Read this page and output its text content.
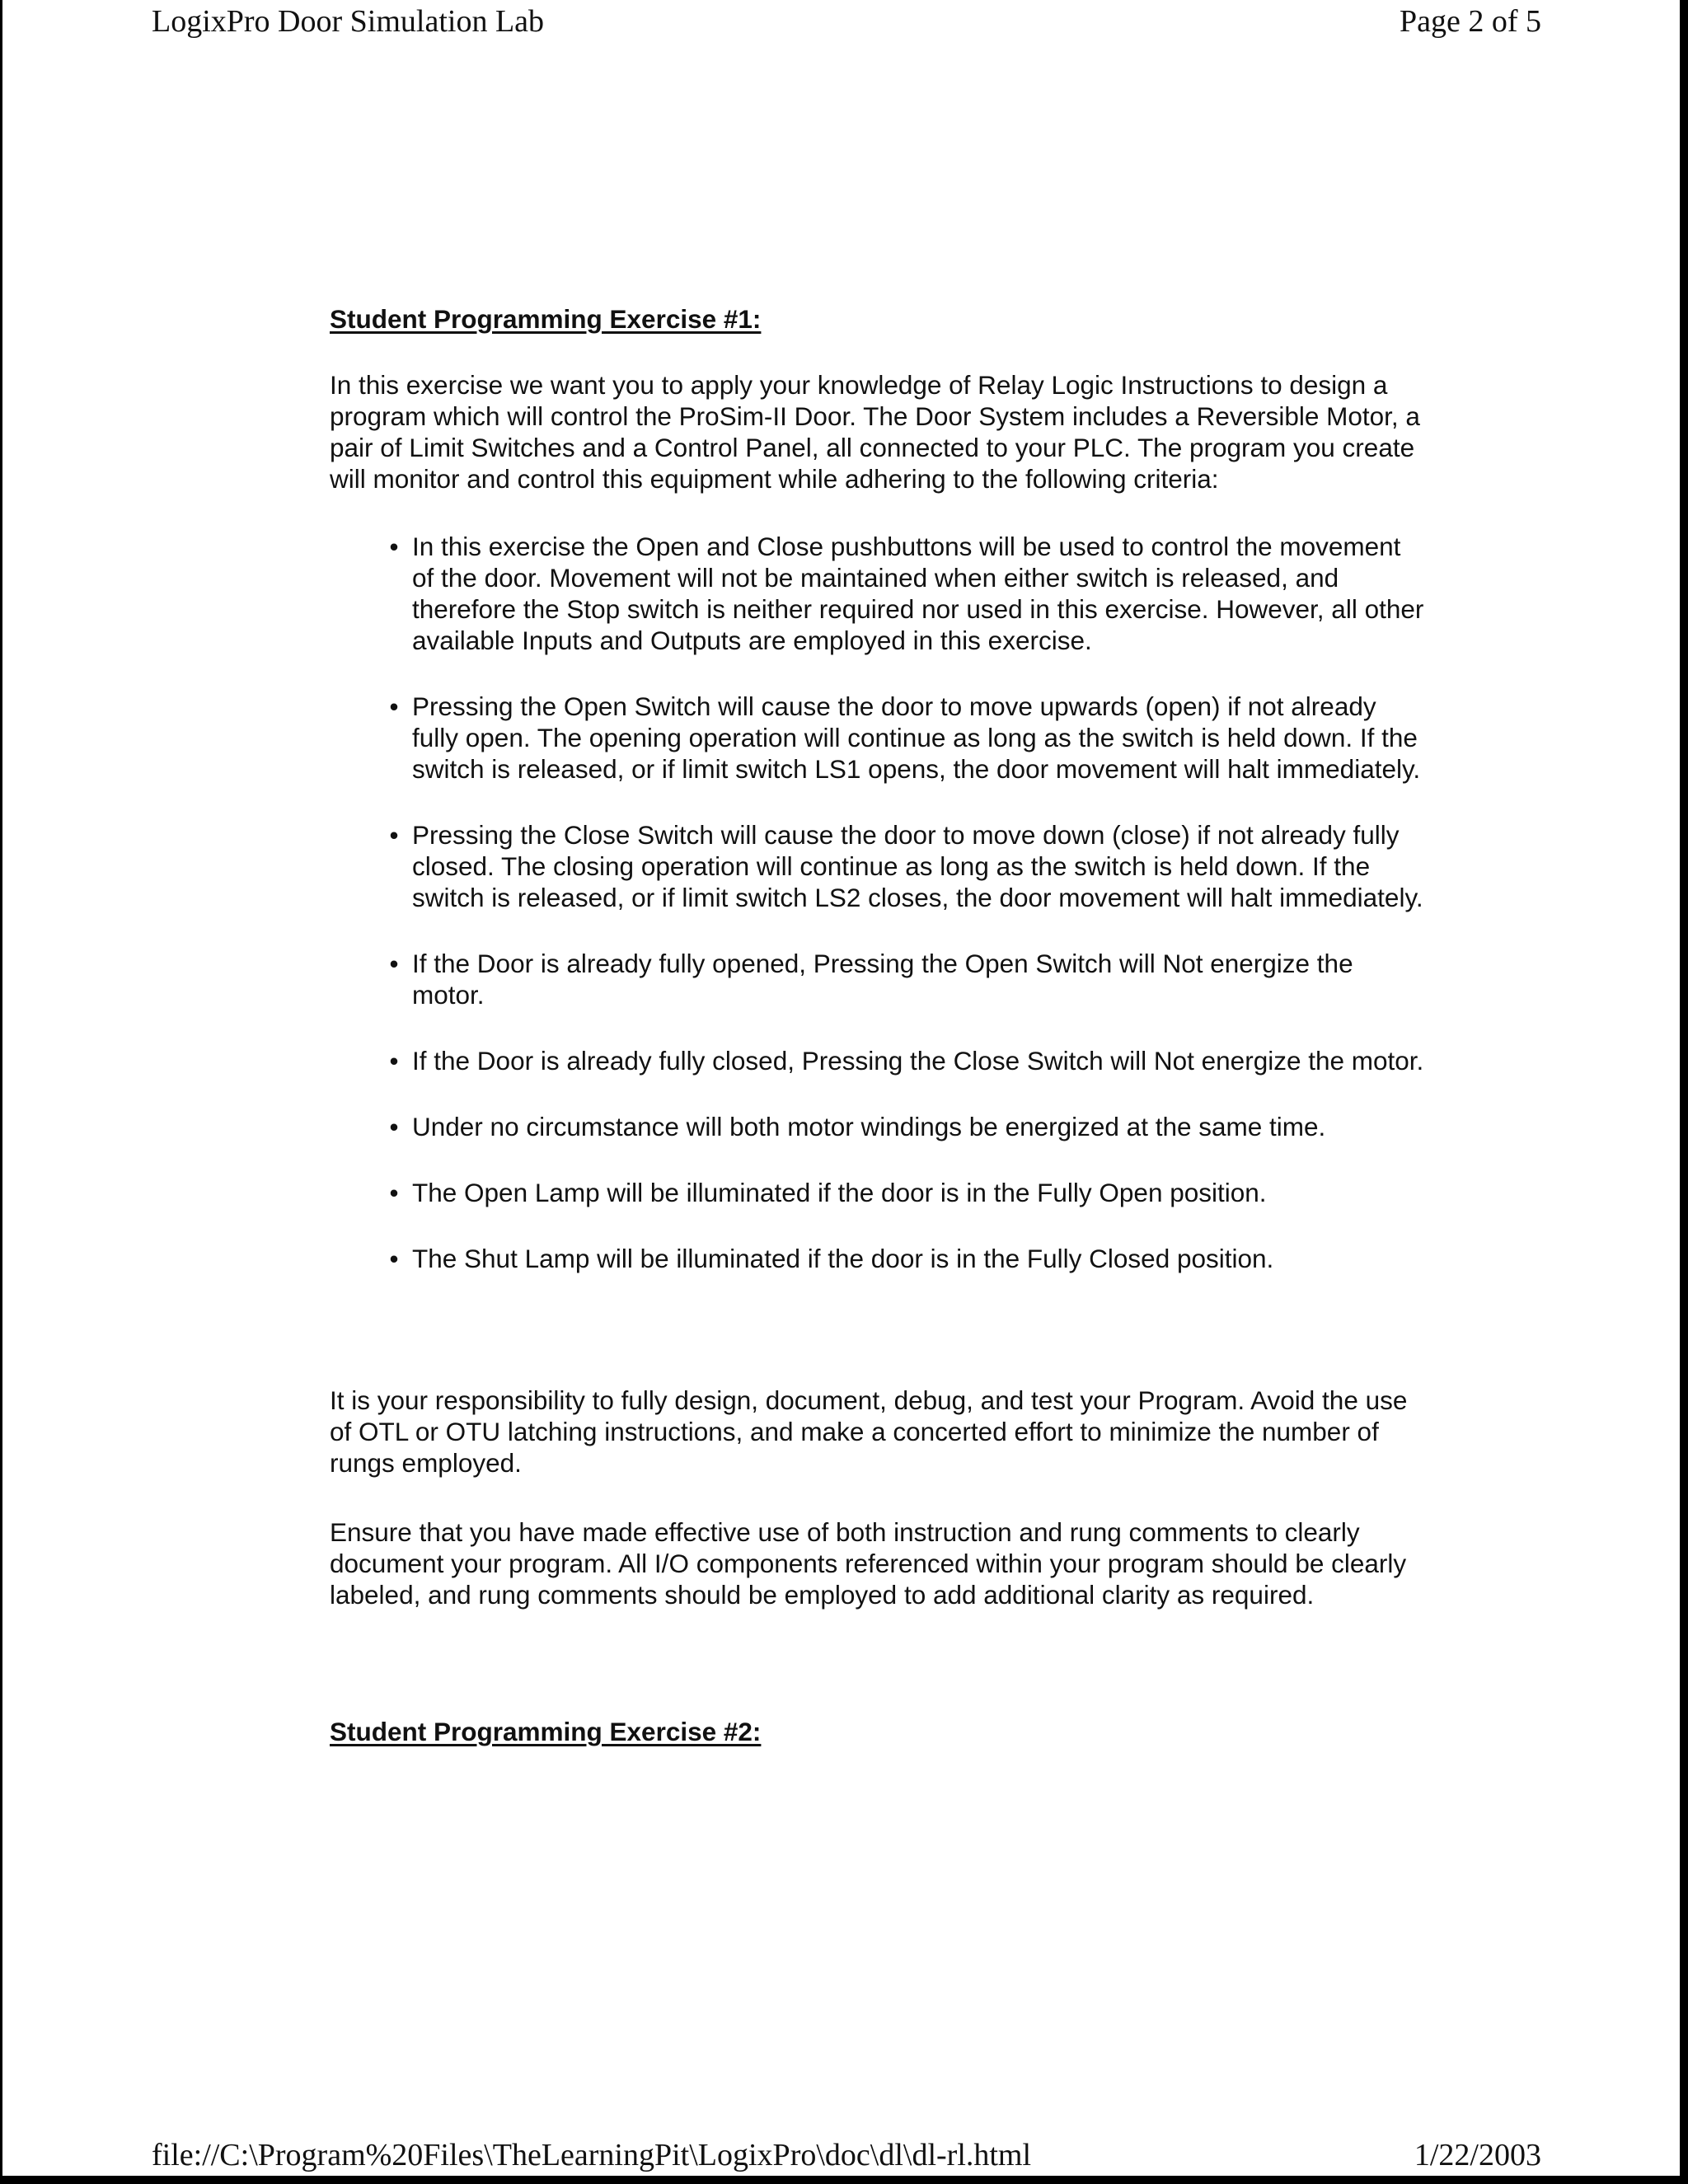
LogixPro Door Simulation Lab	Page 2 of 5

Student Programming Exercise #1:

In this exercise we want you to apply your knowledge of Relay Logic Instructions to design a program which will control the ProSim-II Door. The Door System includes a Reversible Motor, a pair of Limit Switches and a Control Panel, all connected to your PLC. The program you create will monitor and control this equipment while adhering to the following criteria:

• In this exercise the Open and Close pushbuttons will be used to control the movement of the door. Movement will not be maintained when either switch is released, and therefore the Stop switch is neither required nor used in this exercise. However, all other available Inputs and Outputs are employed in this exercise.
• Pressing the Open Switch will cause the door to move upwards (open) if not already fully open. The opening operation will continue as long as the switch is held down. If the switch is released, or if limit switch LS1 opens, the door movement will halt immediately.
• Pressing the Close Switch will cause the door to move down (close) if not already fully closed. The closing operation will continue as long as the switch is held down. If the switch is released, or if limit switch LS2 closes, the door movement will halt immediately.
• If the Door is already fully opened, Pressing the Open Switch will Not energize the motor.
• If the Door is already fully closed, Pressing the Close Switch will Not energize the motor.
• Under no circumstance will both motor windings be energized at the same time.
• The Open Lamp will be illuminated if the door is in the Fully Open position.
• The Shut Lamp will be illuminated if the door is in the Fully Closed position.

It is your responsibility to fully design, document, debug, and test your Program. Avoid the use of OTL or OTU latching instructions, and make a concerted effort to minimize the number of rungs employed.

Ensure that you have made effective use of both instruction and rung comments to clearly document your program. All I/O components referenced within your program should be clearly labeled, and rung comments should be employed to add additional clarity as required.

Student Programming Exercise #2:

file://C:\Program%20Files\TheLearningPit\LogixPro\doc\dl\dl-rl.html	1/22/2003
